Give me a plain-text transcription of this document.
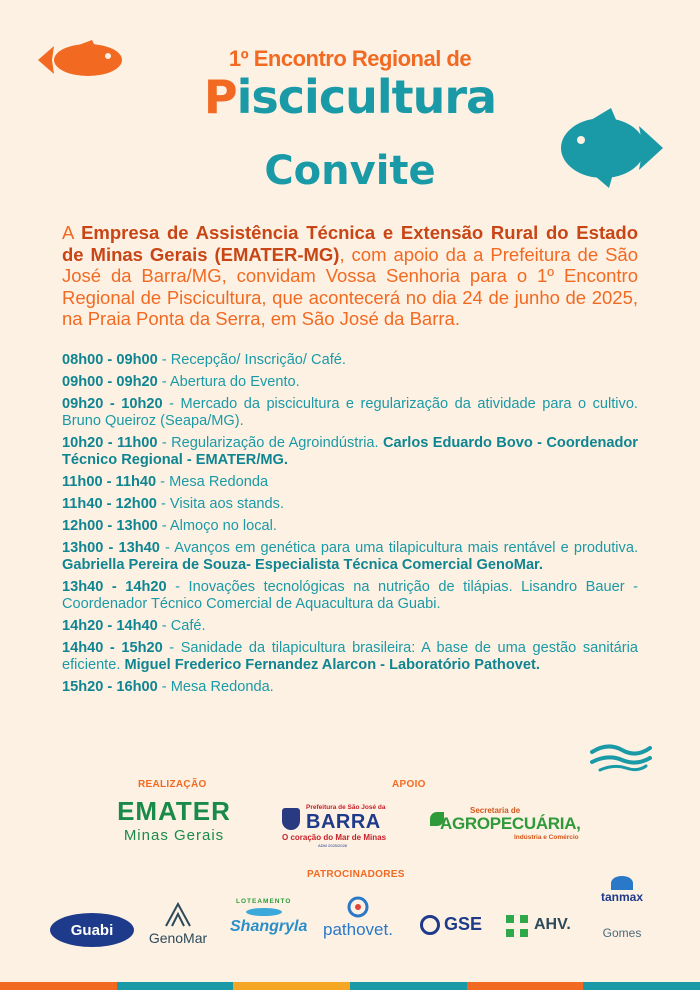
1º Encontro Regional de
Piscicultura
Convite
A Empresa de Assistência Técnica e Extensão Rural do Estado de Minas Gerais (EMATER-MG), com apoio da a Prefeitura de São José da Barra/MG, convidam Vossa Senhoria para o 1º Encontro Regional de Piscicultura, que acontecerá no dia 24 de junho de 2025, na Praia Ponta da Serra, em São José da Barra.
08h00 - 09h00 - Recepção/ Inscrição/ Café.
09h00 - 09h20 - Abertura do Evento.
09h20 - 10h20 - Mercado da piscicultura e regularização da atividade para o cultivo. Bruno Queiroz (Seapa/MG).
10h20 - 11h00 - Regularização de Agroindústria. Carlos Eduardo Bovo - Coordenador Técnico Regional - EMATER/MG.
11h00 - 11h40 - Mesa Redonda
11h40 - 12h00 - Visita aos stands.
12h00 - 13h00 - Almoço no local.
13h00 - 13h40 - Avanços em genética para uma tilapicultura mais rentável e produtiva. Gabriella Pereira de Souza- Especialista Técnica Comercial GenoMar.
13h40 - 14h20 - Inovações tecnológicas na nutrição de tilápias. Lisandro Bauer - Coordenador Técnico Comercial de Aquacultura da Guabi.
14h20 - 14h40 - Café.
14h40 - 15h20 - Sanidade da tilapicultura brasileira: A base de uma gestão sanitária eficiente. Miguel Frederico Fernandez Alarcon - Laboratório Pathovet.
15h20 - 16h00 - Mesa Redonda.
REALIZAÇÃO	APOIO
PATROCINADORES
EMATER
Minas Gerais
Prefeitura de São José da
BARRA
O coração do Mar de Minas
ADM 2025/2028
Secretaria de
AGROPECUÁRIA,
Indústria e Comércio
Guabi	GenoMar
LOTEAMENTO
Shangryla pathovet.	GSE	AHV.
tanmax
Gomes
